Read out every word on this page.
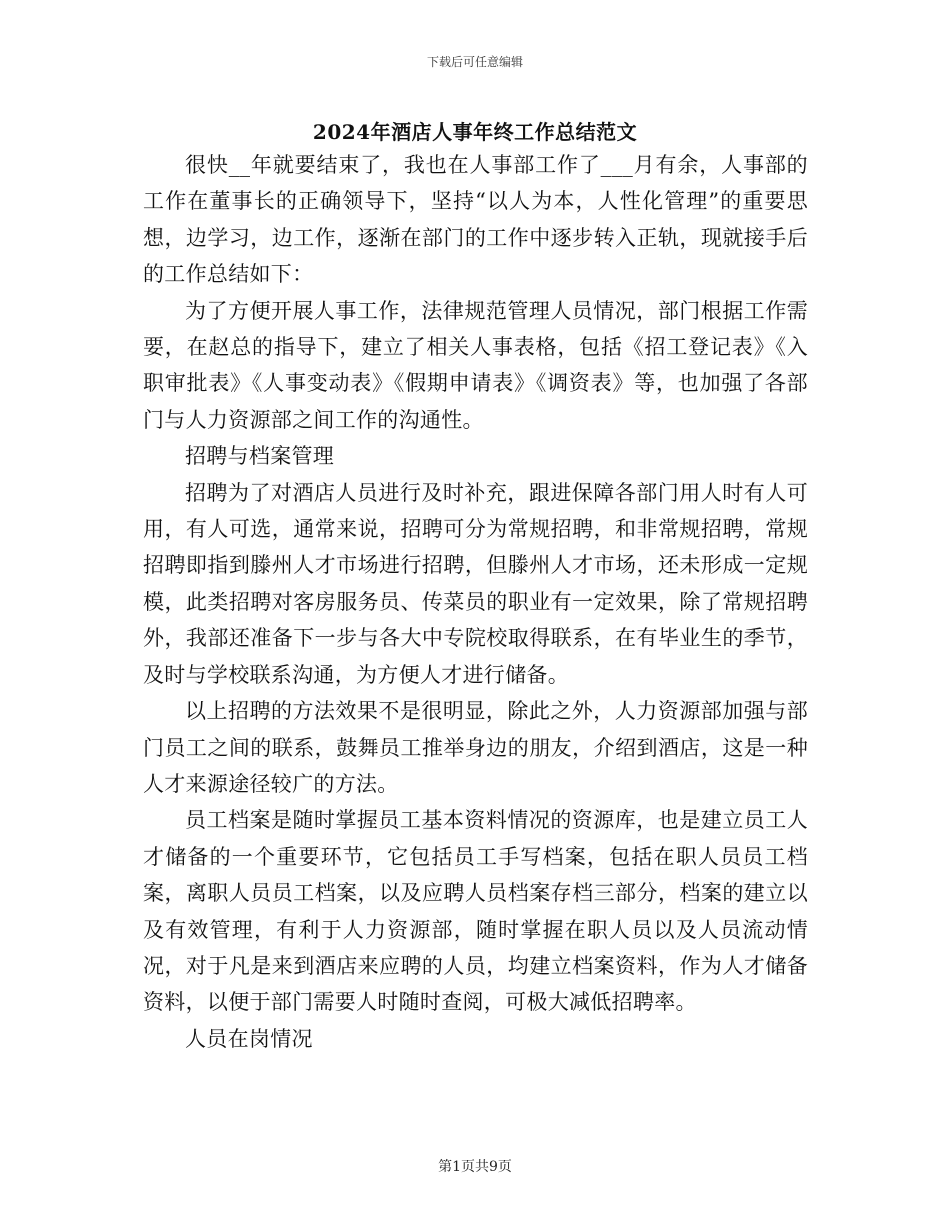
下载后可任意编辑
2024年酒店人事年终工作总结范文

很快__年就要结束了，我也在人事部工作了___月有余，人事部的工作在董事长的正确领导下，坚持“以人为本，人性化管理”的重要思想，边学习，边工作，逐渐在部门的工作中逐步转入正轨，现就接手后的工作总结如下：

为了方便开展人事工作，法律规范管理人员情况，部门根据工作需要，在赵总的指导下，建立了相关人事表格，包括《招工登记表》《入职审批表》《人事变动表》《假期申请表》《调资表》等，也加强了各部门与人力资源部之间工作的沟通性。

招聘与档案管理

招聘为了对酒店人员进行及时补充，跟进保障各部门用人时有人可用，有人可选，通常来说，招聘可分为常规招聘，和非常规招聘，常规招聘即指到滕州人才市场进行招聘，但滕州人才市场，还未形成一定规模，此类招聘对客房服务员、传菜员的职业有一定效果，除了常规招聘外，我部还准备下一步与各大中专院校取得联系，在有毕业生的季节，及时与学校联系沟通，为方便人才进行储备。

以上招聘的方法效果不是很明显，除此之外，人力资源部加强与部门员工之间的联系，鼓舞员工推举身边的朋友，介绍到酒店，这是一种人才来源途径较广的方法。

员工档案是随时掌握员工基本资料情况的资源库，也是建立员工人才储备的一个重要环节，它包括员工手写档案，包括在职人员员工档案，离职人员员工档案，以及应聘人员档案存档三部分，档案的建立以及有效管理，有利于人力资源部，随时掌握在职人员以及人员流动情况，对于凡是来到酒店来应聘的人员，均建立档案资料，作为人才储备资料，以便于部门需要人时随时查阅，可极大减低招聘率。

人员在岗情况

第1页共9页
